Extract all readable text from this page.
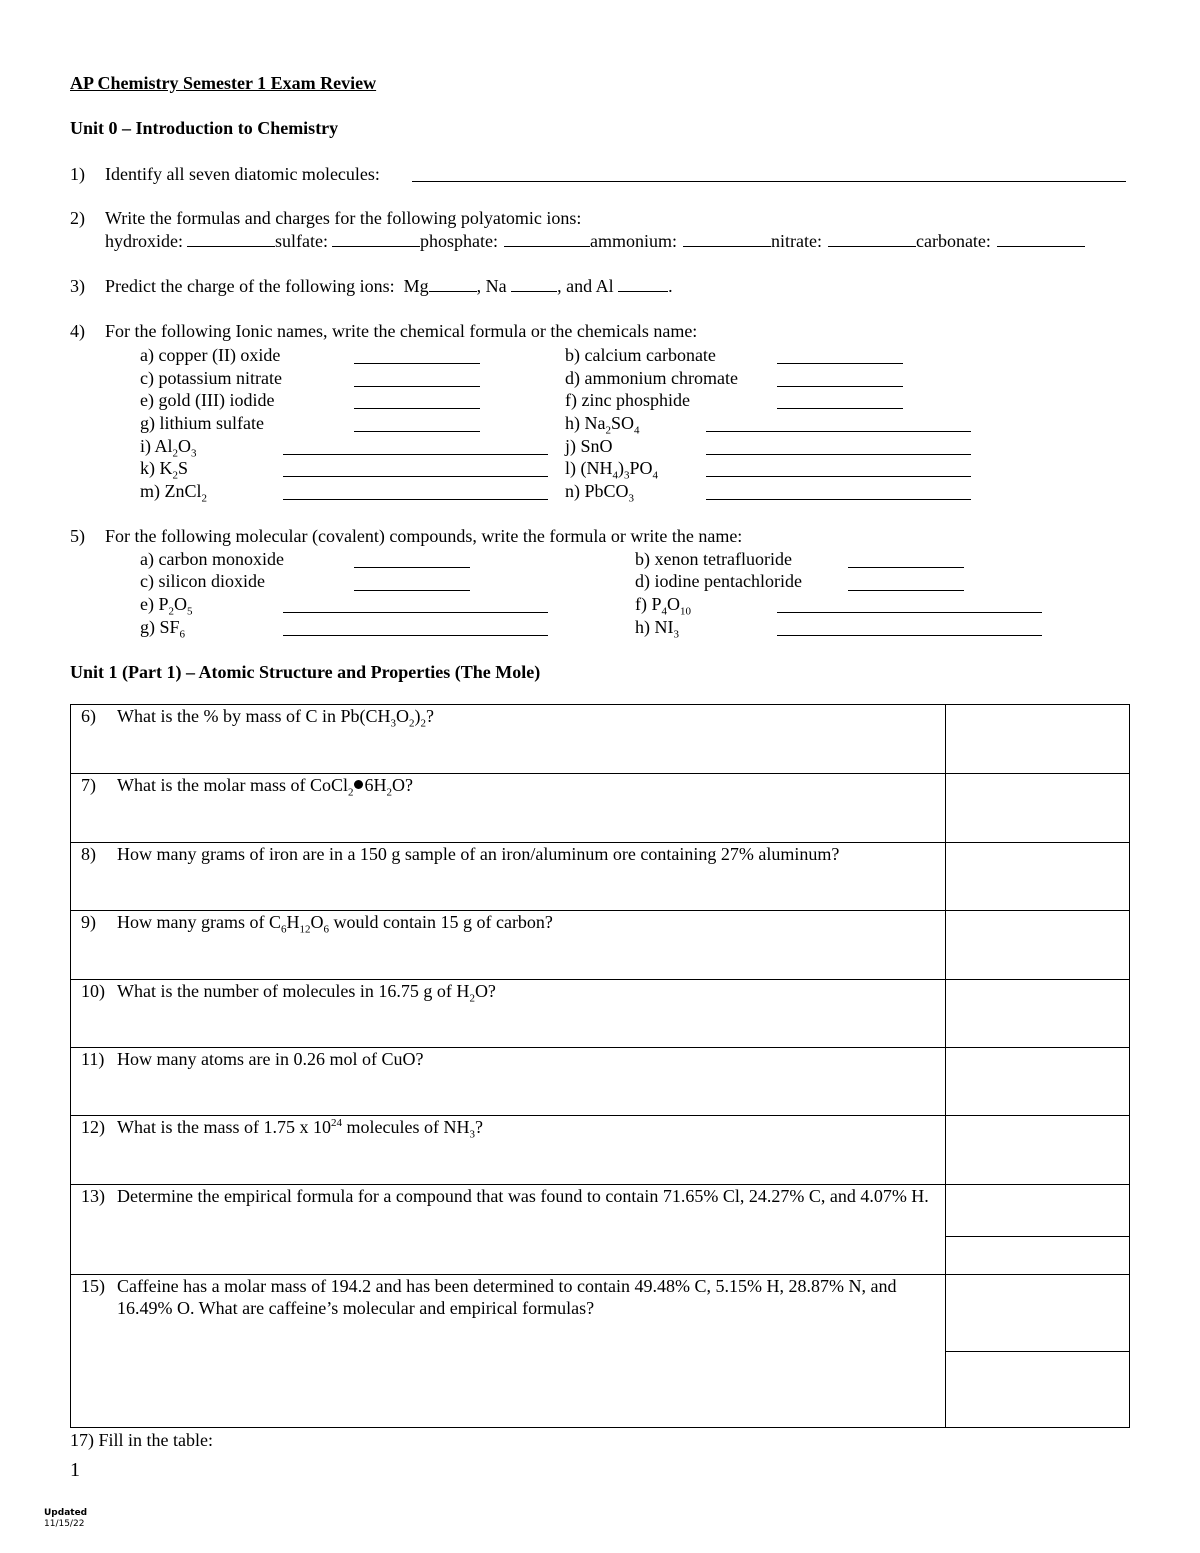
AP Chemistry Semester 1 Exam Review
Unit 0 – Introduction to Chemistry
1) Identify all seven diatomic molecules:
2) Write the formulas and charges for the following polyatomic ions:
hydroxide:	sulfate:	phosphate:	ammonium:	nitrate:	carbonate:
3) Predict the charge of the following ions: Mg	, Na	, and Al	.
4) For the following Ionic names, write the chemical formula or the chemicals name:
a) copper (II) oxide	b) calcium carbonate
c) potassium nitrate	d) ammonium chromate
e) gold (III) iodide	f) zinc phosphide
g) lithium sulfate	h) $Na_2SO_4$
i) $Al_2O_3$	j) SnO
k) $K_2S$	l) $(NH_4)_3PO_4$
m) ZnCl$_2$	n) PbCO$_3$
5) For the following molecular (covalent) compounds, write the formula or write the name:
a) carbon monoxide	b) xenon tetrafluoride
c) silicon dioxide	d) iodine pentachloride
e) $P_2O_5$	f) $P_4O_{10}$
g) $SF_6$	h) $NI_3$
Unit 1 (Part 1) – Atomic Structure and Properties (The Mole)
6) What is the % by mass of C in $Pb(CH_3O_2)_2$?	
7) What is the molar mass of CoCl$_2$ $6H_2O$?	
8) How many grams of iron are in a 150 g sample of an iron/aluminum ore containing 27% aluminum?	
9) How many grams of $C_6H_{12}O_6$ would contain 15 g of carbon?	
10) What is the number of molecules in 16.75 g of $H_2O$?	
11) How many atoms are in 0.26 mol of CuO?	
12) What is the mass of 1.75 x $10^{24}$ molecules of $NH_3$?	
13) Determine the empirical formula for a compound that was found to contain 71.65% Cl, 24.27% C, and 4.07% H.	

15) Caffeine has a molar mass of 194.2 and has been determined to contain 49.48% C, 5.15% H, 28.87% N, and 16.49% O. What are caffeine’s molecular and empirical formulas?	
17) Fill in the table:
1
Updated
11/15/22
